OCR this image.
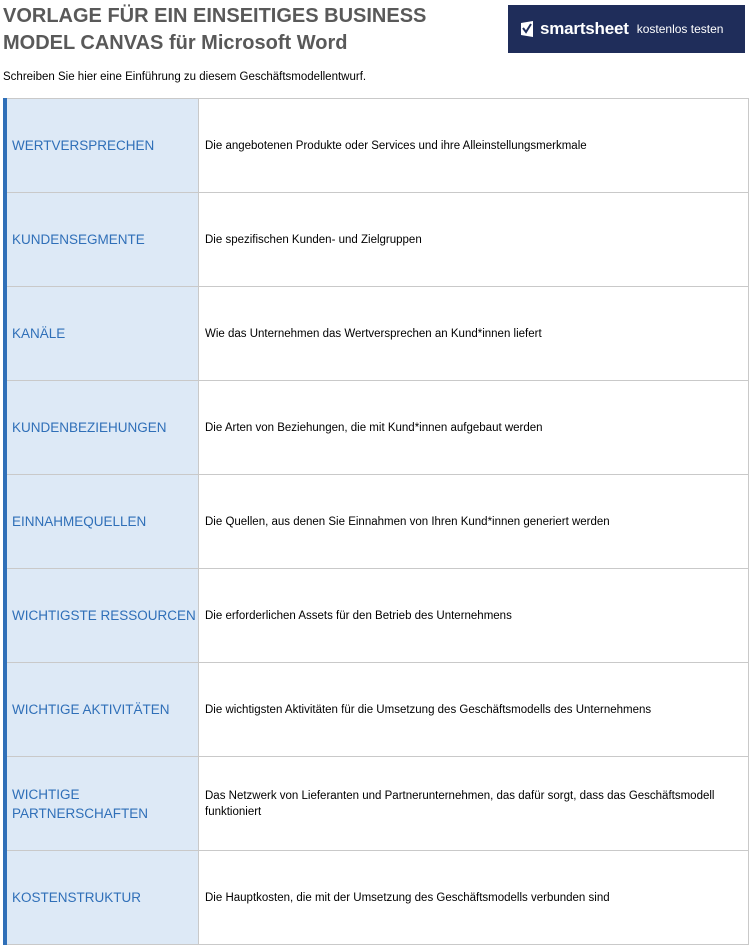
VORLAGE FÜR EIN EINSEITIGES BUSINESS MODEL CANVAS für Microsoft Word
smartsheet kostenlos testen
Schreiben Sie hier eine Einführung zu diesem Geschäftsmodellentwurf.
WERTVERSPRECHEN	Die angebotenen Produkte oder Services und ihre Alleinstellungsmerkmale
KUNDENSEGMENTE	Die spezifischen Kunden- und Zielgruppen
KANÄLE	Wie das Unternehmen das Wertversprechen an Kund*innen liefert
KUNDENBEZIEHUNGEN	Die Arten von Beziehungen, die mit Kund*innen aufgebaut werden
EINNAHMEQUELLEN	Die Quellen, aus denen Sie Einnahmen von Ihren Kund*innen generiert werden
WICHTIGSTE RESSOURCEN	Die erforderlichen Assets für den Betrieb des Unternehmens
WICHTIGE AKTIVITÄTEN	Die wichtigsten Aktivitäten für die Umsetzung des Geschäftsmodells des Unternehmens
WICHTIGE PARTNERSCHAFTEN	Das Netzwerk von Lieferanten und Partnerunternehmen, das dafür sorgt, dass das Geschäftsmodell funktioniert
KOSTENSTRUKTUR	Die Hauptkosten, die mit der Umsetzung des Geschäftsmodells verbunden sind
